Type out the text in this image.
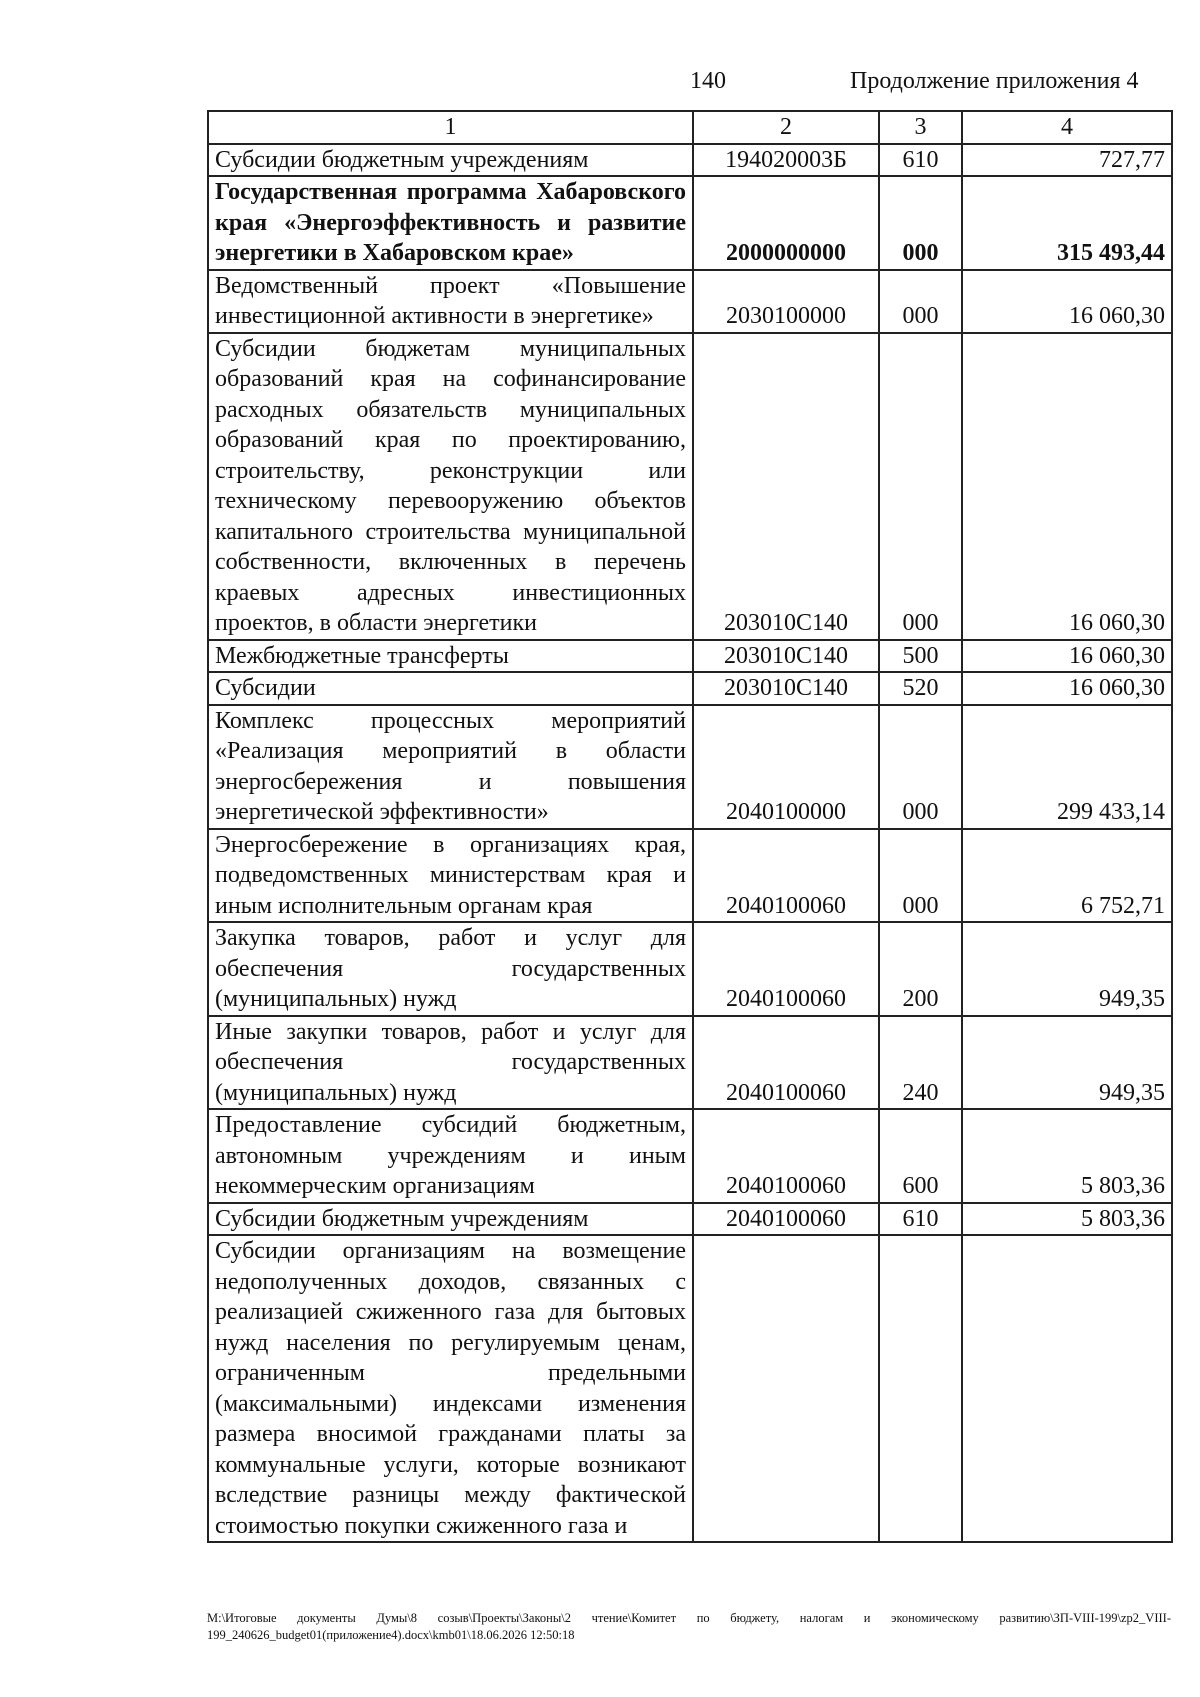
140	Продолжение приложения 4
1	2	3	4
Субсидии бюджетным учреждениям	194020003Б	610	727,77
Государственная программа Хабаровского края «Энергоэффективность и развитие энергетики в Хабаровском крае»	2000000000	000	315 493,44
Ведомственный проект «Повышение инвестиционной активности в энергетике»	2030100000	000	16 060,30
Субсидии бюджетам муниципальных образований края на софинансирование расходных обязательств муниципальных образований края по проектированию, строительству, реконструкции или техническому перевооружению объектов капитального строительства муниципальной собственности, включенных в перечень краевых адресных инвестиционных проектов, в области энергетики	203010С140	000	16 060,30
Межбюджетные трансферты	203010С140	500	16 060,30
Субсидии	203010С140	520	16 060,30
Комплекс процессных мероприятий «Реализация мероприятий в области энергосбережения и повышения энергетической эффективности»	2040100000	000	299 433,14
Энергосбережение в организациях края, подведомственных министерствам края и иным исполнительным органам края	2040100060	000	6 752,71
Закупка товаров, работ и услуг для обеспечения государственных (муниципальных) нужд	2040100060	200	949,35
Иные закупки товаров, работ и услуг для обеспечения государственных (муниципальных) нужд	2040100060	240	949,35
Предоставление субсидий бюджетным, автономным учреждениям и иным некоммерческим организациям	2040100060	600	5 803,36
Субсидии бюджетным учреждениям	2040100060	610	5 803,36
Субсидии организациям на возмещение недополученных доходов, связанных с реализацией сжиженного газа для бытовых нужд населения по регулируемым ценам, ограниченным предельными (максимальными) индексами изменения размера вносимой гражданами платы за коммунальные услуги, которые возникают вследствие разницы между фактической стоимостью покупки сжиженного газа и			
M:\Итоговые документы Думы\8 созыв\Проекты\Законы\2 чтение\Комитет по бюджету, налогам и экономическому развитию\ЗП-VIII-199\zp2_VIII-199_240626_budget01(приложение4).docx\kmb01\18.06.2026 12:50:18
